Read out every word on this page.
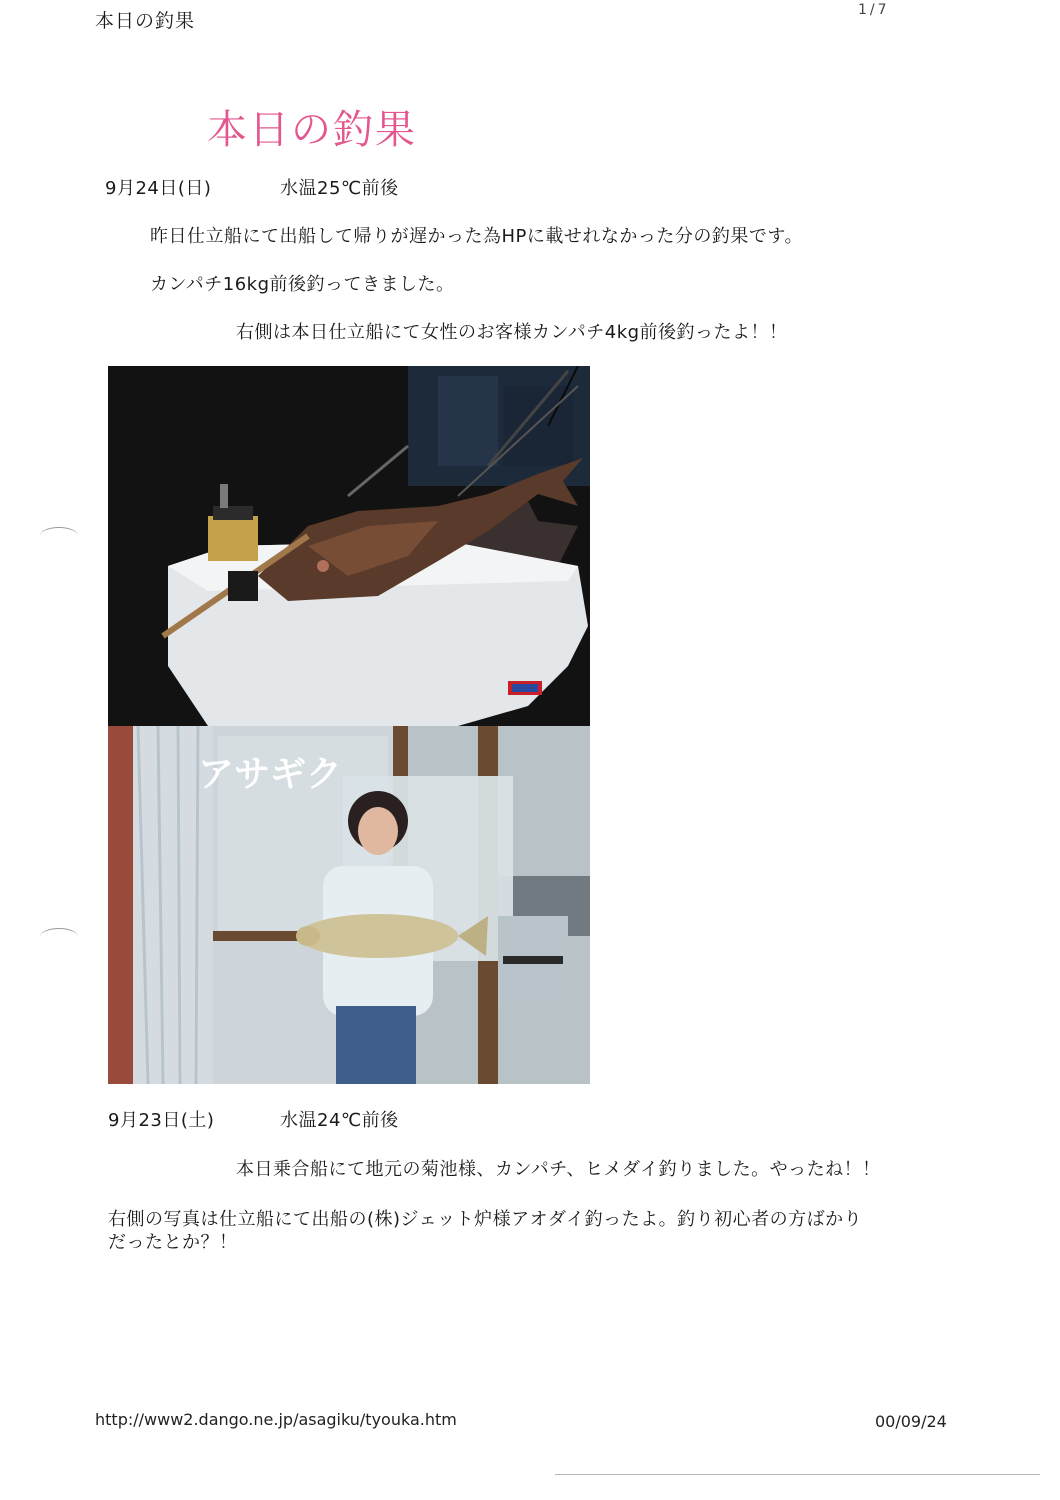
本日の釣果	1/7
本日の釣果
9月24日(日)	水温25℃前後
昨日仕立船にて出船して帰りが遅かった為HPに載せれなかった分の釣果です。
カンパチ16kg前後釣ってきました。
右側は本日仕立船にて女性のお客様カンパチ4kg前後釣ったよ！！
アサギク
9月23日(土)	水温24℃前後
本日乗合船にて地元の菊池様、カンパチ、ヒメダイ釣りました。やったね！！
右側の写真は仕立船にて出船の(株)ジェット炉様アオダイ釣ったよ。釣り初心者の方ばかり
だったとか？！
http://www2.dango.ne.jp/asagiku/tyouka.htm	00/09/24
